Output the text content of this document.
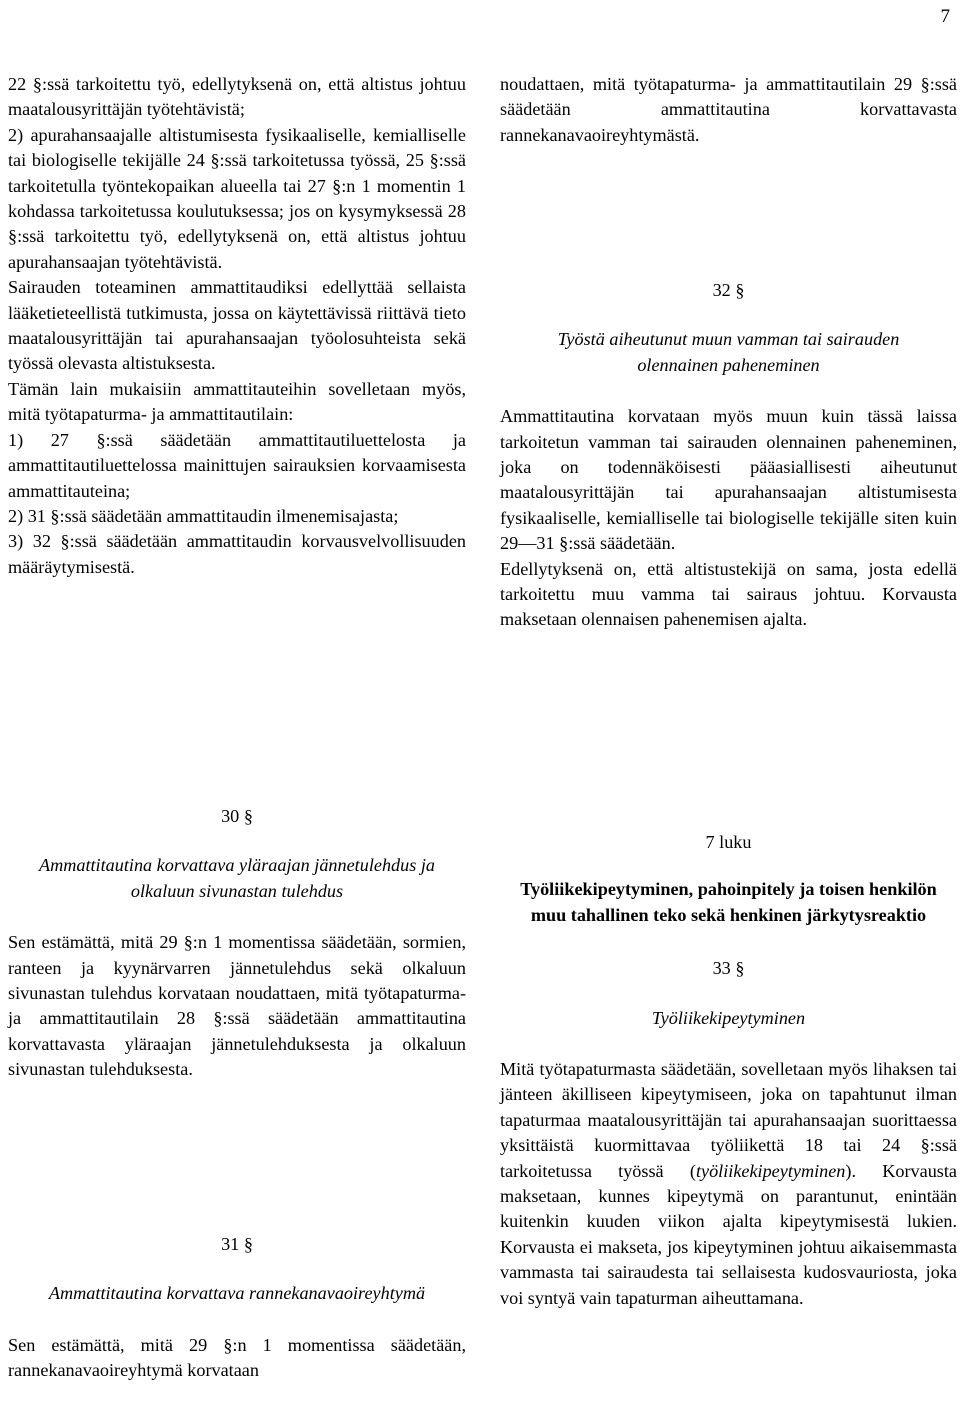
7

22 §:ssä tarkoitettu työ, edellytyksenä on, että altistus johtuu maatalousyrittäjän työtehtävistä;

2) apurahansaajalle altistumisesta fysikaaliselle, kemialliselle tai biologiselle tekijälle 24 §:ssä tarkoitetussa työssä, 25 §:ssä tarkoitetulla työntekopaikan alueella tai 27 §:n 1 momentin 1 kohdassa tarkoitetussa koulutuksessa; jos on kysymyksessä 28 §:ssä tarkoitettu työ, edellytyksenä on, että altistus johtuu apurahansaajan työtehtävistä.

Sairauden toteaminen ammattitaudiksi edellyttää sellaista lääketieteellistä tutkimusta, jossa on käytettävissä riittävä tieto maatalousyrittäjän tai apurahansaajan työolosuhteista sekä työssä olevasta altistuksesta.

Tämän lain mukaisiin ammattitauteihin sovelletaan myös, mitä työtapaturma- ja ammattitautilain:

1) 27 §:ssä säädetään ammattitautiluettelosta ja ammattitautiluettelossa mainittujen sairauksien korvaamisesta ammattitauteina;

2) 31 §:ssä säädetään ammattitaudin ilmenemisajasta;

3) 32 §:ssä säädetään ammattitaudin korvausvelvollisuuden määräytymisestä.

noudattaen, mitä työtapaturma- ja ammattitautilain 29 §:ssä säädetään ammattitautina korvattavasta rannekanavaoireyhtymästä.

32 §

Työstä aiheutunut muun vamman tai sairauden olennainen paheneminen

Ammattitautina korvataan myös muun kuin tässä laissa tarkoitetun vamman tai sairauden olennainen paheneminen, joka on todennäköisesti pääasiallisesti aiheutunut maatalousyrittäjän tai apurahansaajan altistumisesta fysikaaliselle, kemialliselle tai biologiselle tekijälle siten kuin 29—31 §:ssä säädetään.

Edellytyksenä on, että altistustekijä on sama, josta edellä tarkoitettu muu vamma tai sairaus johtuu. Korvausta maksetaan olennaisen pahenemisen ajalta.

30 §

Ammattitautina korvattava yläraajan jännetulehdus ja olkaluun sivunastan tulehdus

Sen estämättä, mitä 29 §:n 1 momentissa säädetään, sormien, ranteen ja kyynärvarren jännetulehdus sekä olkaluun sivunastan tulehdus korvataan noudattaen, mitä työtapaturma- ja ammattitautilain 28 §:ssä säädetään ammattitautina korvattavasta yläraajan jännetulehduksesta ja olkaluun sivunastan tulehduksesta.

31 §

Ammattitautina korvattava rannekanavaoireyhtymä

Sen estämättä, mitä 29 §:n 1 momentissa säädetään, rannekanavaoireyhtymä korvataan

7 luku

Työliikekipeytyminen, pahoinpitely ja toisen henkilön muu tahallinen teko sekä henkinen järkytysreaktio

33 §

Työliikekipeytyminen

Mitä työtapaturmasta säädetään, sovelletaan myös lihaksen tai jänteen äkilliseen kipeytymiseen, joka on tapahtunut ilman tapaturmaa maatalousyrittäjän tai apurahansaajan suorittaessa yksittäistä kuormittavaa työliikettä 18 tai 24 §:ssä tarkoitetussa työssä (työliikekipeytyminen). Korvausta maksetaan, kunnes kipeytymä on parantunut, enintään kuitenkin kuuden viikon ajalta kipeytymisestä lukien. Korvausta ei makseta, jos kipeytyminen johtuu aikaisemmasta vammasta tai sairaudesta tai sellaisesta kudosvauriosta, joka voi syntyä vain tapaturman aiheuttamana.
